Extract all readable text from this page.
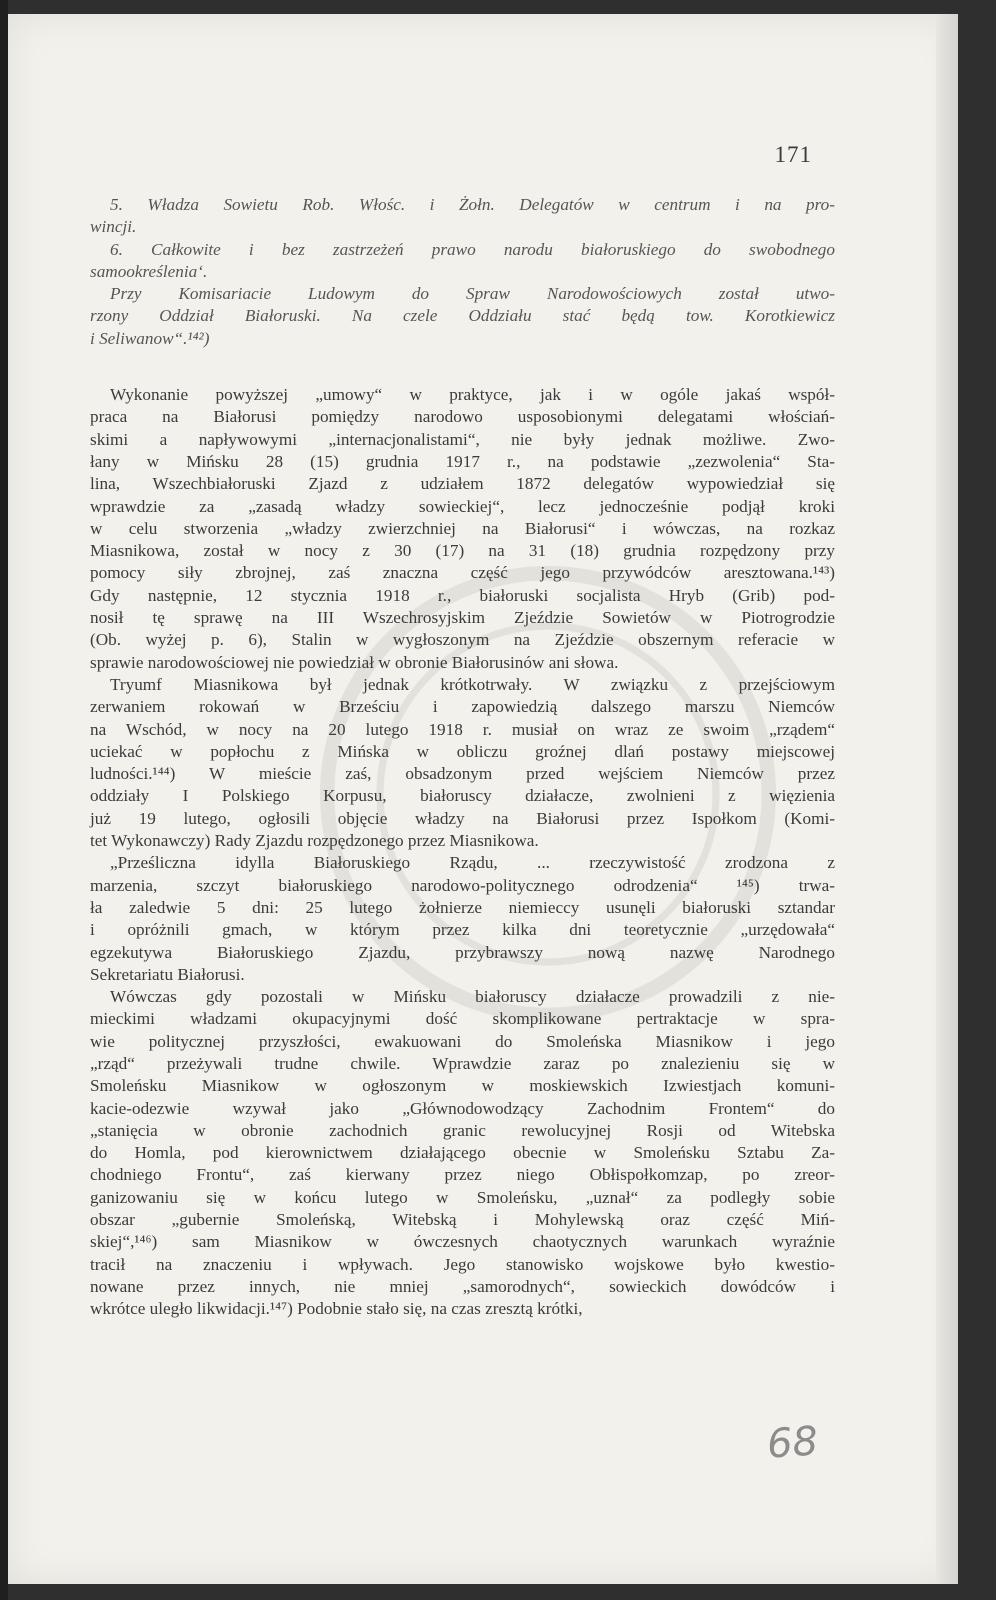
171

5. Władza Sowietu Rob. Włośc. i Żołn. Delegatów w centrum i na pro-
wincji.

6. Całkowite i bez zastrzeżeń prawo narodu białoruskiego do swobodnego
samookreślenia‘.

Przy Komisariacie Ludowym do Spraw Narodowościowych został utwo-
rzony Oddział Białoruski. Na czele Oddziału stać będą tow. Korotkiewicz
i Seliwanow“.¹⁴²)

Wykonanie powyższej „umowy“ w praktyce, jak i w ogóle jakaś współ-
praca na Białorusi pomiędzy narodowo usposobionymi delegatami włościań-
skimi a napływowymi „internacjonalistami“, nie były jednak możliwe. Zwo-
łany w Mińsku 28 (15) grudnia 1917 r., na podstawie „zezwolenia“ Sta-
lina, Wszechbiałoruski Zjazd z udziałem 1872 delegatów wypowiedział się
wprawdzie za „zasadą władzy sowieckiej“, lecz jednocześnie podjął kroki
w celu stworzenia „władzy zwierzchniej na Białorusi“ i wówczas, na rozkaz
Miasnikowa, został w nocy z 30 (17) na 31 (18) grudnia rozpędzony przy
pomocy siły zbrojnej, zaś znaczna część jego przywódców aresztowana.¹⁴³)
Gdy następnie, 12 stycznia 1918 r., białoruski socjalista Hryb (Grib) pod-
nosił tę sprawę na III Wszechrosyjskim Zjeździe Sowietów w Piotrogrodzie
(Ob. wyżej p. 6), Stalin w wygłoszonym na Zjeździe obszernym referacie w
sprawie narodowościowej nie powiedział w obronie Białorusinów ani słowa.

Tryumf Miasnikowa był jednak krótkotrwały. W związku z przejściowym
zerwaniem rokowań w Brześciu i zapowiedzią dalszego marszu Niemców
na Wschód, w nocy na 20 lutego 1918 r. musiał on wraz ze swoim „rządem“
uciekać w popłochu z Mińska w obliczu groźnej dlań postawy miejscowej
ludności.¹⁴⁴) W mieście zaś, obsadzonym przed wejściem Niemców przez
oddziały I Polskiego Korpusu, białoruscy działacze, zwolnieni z więzienia
już 19 lutego, ogłosili objęcie władzy na Białorusi przez Ispołkom (Komi-
tet Wykonawczy) Rady Zjazdu rozpędzonego przez Miasnikowa.

„Prześliczna idylla Białoruskiego Rządu, ... rzeczywistość zrodzona z
marzenia, szczyt białoruskiego narodowo-politycznego odrodzenia“ ¹⁴⁵) trwa-
ła zaledwie 5 dni: 25 lutego żołnierze niemieccy usunęli białoruski sztandar
i opróżnili gmach, w którym przez kilka dni teoretycznie „urzędowała“
egzekutywa Białoruskiego Zjazdu, przybrawszy nową nazwę Narodnego
Sekretariatu Białorusi.

Wówczas gdy pozostali w Mińsku białoruscy działacze prowadzili z nie-
mieckimi władzami okupacyjnymi dość skomplikowane pertraktacje w spra-
wie politycznej przyszłości, ewakuowani do Smoleńska Miasnikow i jego
„rząd“ przeżywali trudne chwile. Wprawdzie zaraz po znalezieniu się w
Smoleńsku Miasnikow w ogłoszonym w moskiewskich Izwiestjach komuni-
kacie-odezwie wzywał jako „Głównodowodzący Zachodnim Frontem“ do
„stanięcia w obronie zachodnich granic rewolucyjnej Rosji od Witebska
do Homla, pod kierownictwem działającego obecnie w Smoleńsku Sztabu Za-
chodniego Frontu“, zaś kierwany przez niego Obłispołkomzap, po zreor-
ganizowaniu się w końcu lutego w Smoleńsku, „uznał“ za podległy sobie
obszar „gubernie Smoleńską, Witebską i Mohylewską oraz część Miń-
skiej“,¹⁴⁶) sam Miasnikow w ówczesnych chaotycznych warunkach wyraźnie
tracił na znaczeniu i wpływach. Jego stanowisko wojskowe było kwestio-
nowane przez innych, nie mniej „samorodnych“, sowieckich dowódców i
wkrótce uległo likwidacji.¹⁴⁷) Podobnie stało się, na czas zresztą krótki,

68
